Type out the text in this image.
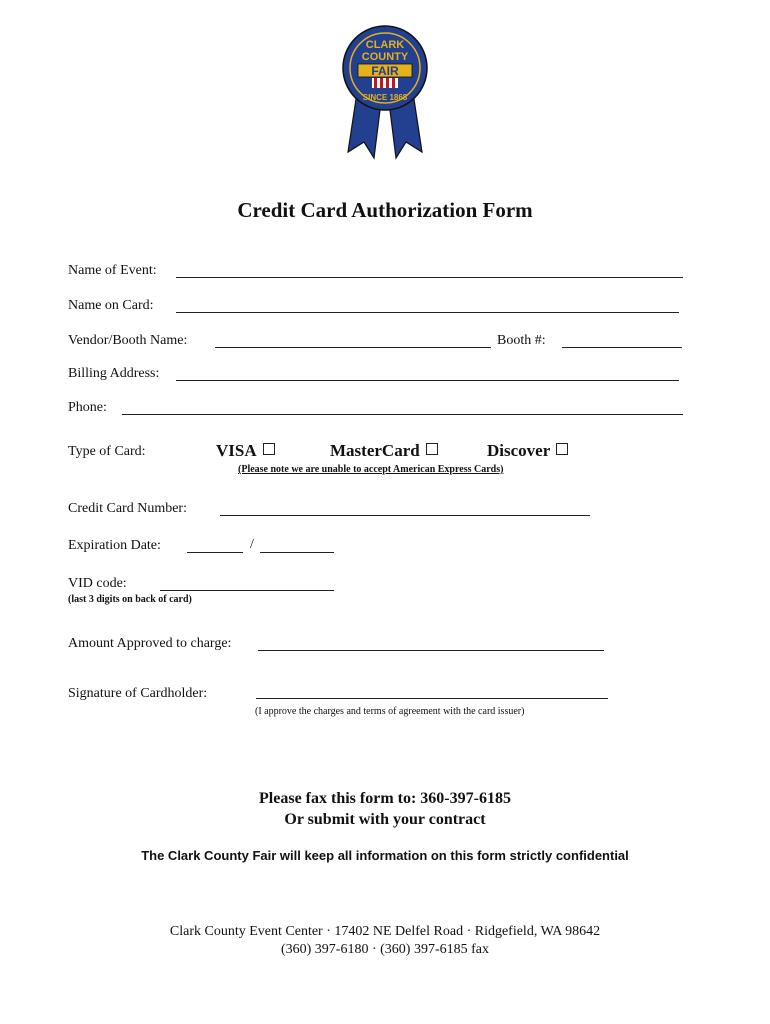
CLARK
COUNTY
FAIR
SINCE 1868
Credit Card Authorization Form
Name of Event:
Name on Card:
Vendor/Booth Name:	Booth #:
Billing Address:
Phone:
Type of Card:	VISA	MasterCard	Discover
(Please note we are unable to accept American Express Cards)
Credit Card Number:
Expiration Date:	/
VID code:
(last 3 digits on back of card)
Amount Approved to charge:
Signature of Cardholder:
(I approve the charges and terms of agreement with the card issuer)
Please fax this form to: 360-397-6185
Or submit with your contract
The Clark County Fair will keep all information on this form strictly confidential
Clark County Event Center · 17402 NE Delfel Road · Ridgefield, WA 98642
(360) 397-6180 · (360) 397-6185 fax
